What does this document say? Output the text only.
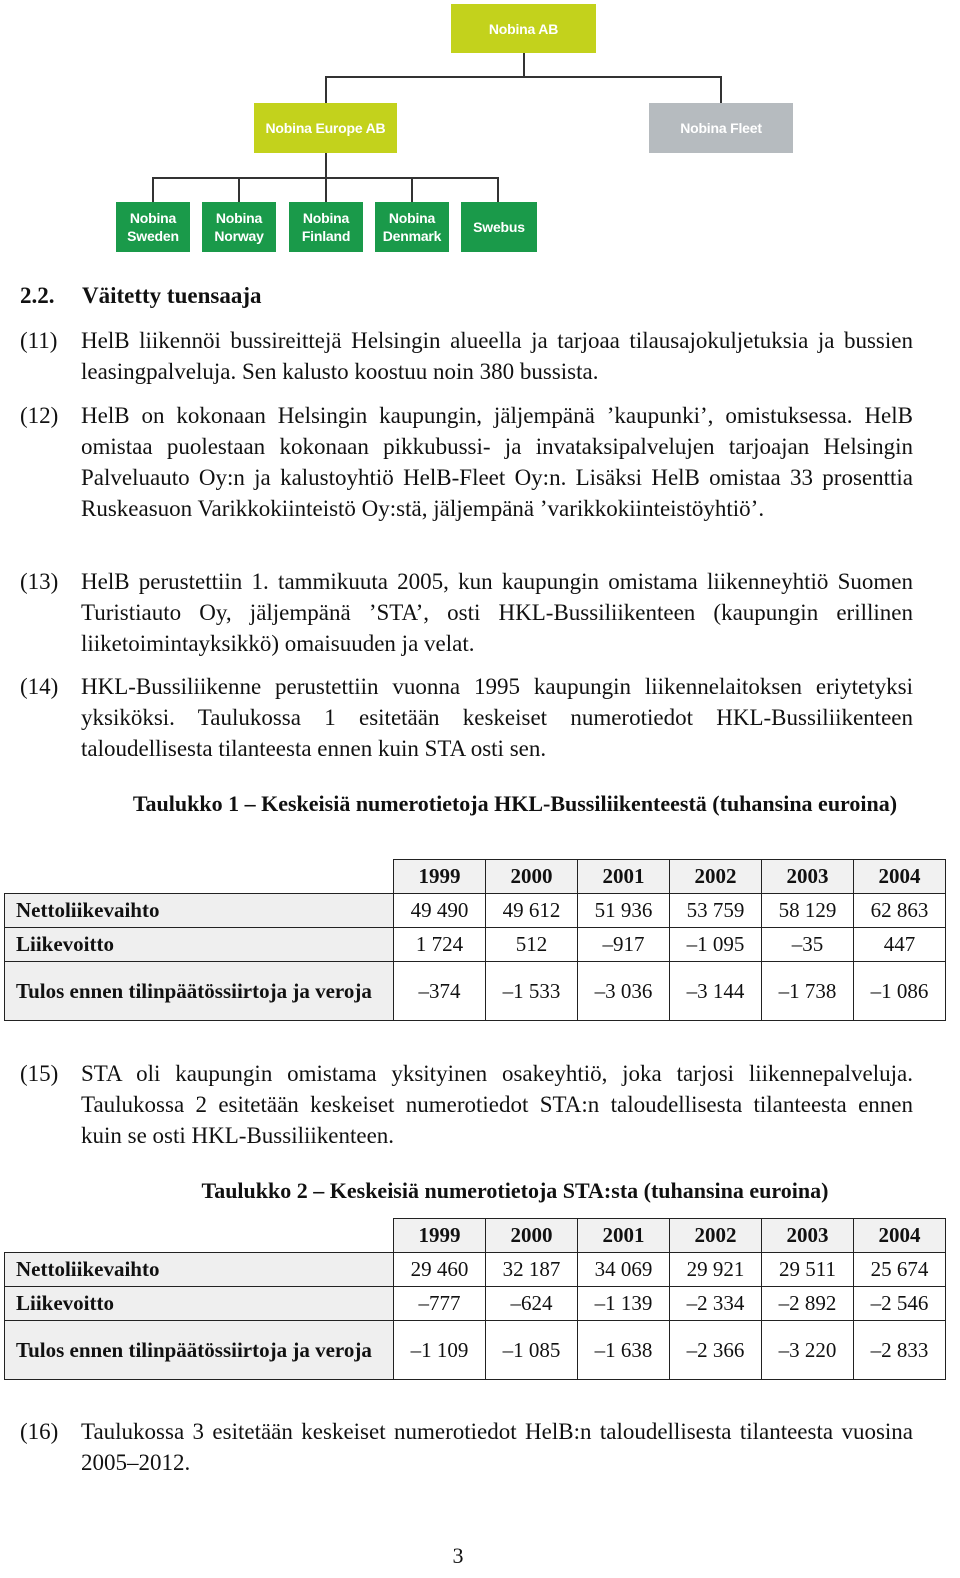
Nobina AB
Nobina Europe AB	Nobina Fleet
Nobina
Sweden
Nobina
Norway
Nobina
Finland
Nobina
Denmark
Swebus
2.2. Väitetty tuensaaja
(11) HelB liikennöi bussireittejä Helsingin alueella ja tarjoaa tilausajokuljetuksia ja bussien leasingpalveluja. Sen kalusto koostuu noin 380 bussista.
(12) HelB on kokonaan Helsingin kaupungin, jäljempänä ’kaupunki’, omistuksessa. HelB omistaa puolestaan kokonaan pikkubussi- ja invataksipalvelujen tarjoajan Helsingin Palveluauto Oy:n ja kalustoyhtiö HelB-Fleet Oy:n. Lisäksi HelB omistaa 33 prosenttia Ruskeasuon Varikkokiinteistö Oy:stä, jäljempänä ’varikkokiinteistöyhtiö’.
(13) HelB perustettiin 1. tammikuuta 2005, kun kaupungin omistama liikenneyhtiö Suomen Turistiauto Oy, jäljempänä ’STA’, osti HKL-Bussiliikenteen (kaupungin erillinen liiketoimintayksikkö) omaisuuden ja velat.
(14) HKL-Bussiliikenne perustettiin vuonna 1995 kaupungin liikennelaitoksen eriytetyksi yksiköksi. Taulukossa 1 esitetään keskeiset numerotiedot HKL-Bussiliikenteen taloudellisesta tilanteesta ennen kuin STA osti sen.
Taulukko 1 – Keskeisiä numerotietoja HKL-Bussiliikenteestä (tuhansina euroina)
	1999	2000	2001	2002	2003	2004
Nettoliikevaihto	49 490	49 612	51 936	53 759	58 129	62 863
Liikevoitto	1 724	512	–917	–1 095	–35	447
Tulos ennen tilinpäätössiirtoja ja veroja	–374	–1 533	–3 036	–3 144	–1 738	–1 086
(15) STA oli kaupungin omistama yksityinen osakeyhtiö, joka tarjosi liikennepalveluja. Taulukossa 2 esitetään keskeiset numerotiedot STA:n taloudellisesta tilanteesta ennen kuin se osti HKL-Bussiliikenteen.
Taulukko 2 – Keskeisiä numerotietoja STA:sta (tuhansina euroina)
	1999	2000	2001	2002	2003	2004
Nettoliikevaihto	29 460	32 187	34 069	29 921	29 511	25 674
Liikevoitto	–777	–624	–1 139	–2 334	–2 892	–2 546
Tulos ennen tilinpäätössiirtoja ja veroja	–1 109	–1 085	–1 638	–2 366	–3 220	–2 833
(16) Taulukossa 3 esitetään keskeiset numerotiedot HelB:n taloudellisesta tilanteesta vuosina 2005–2012.
3
